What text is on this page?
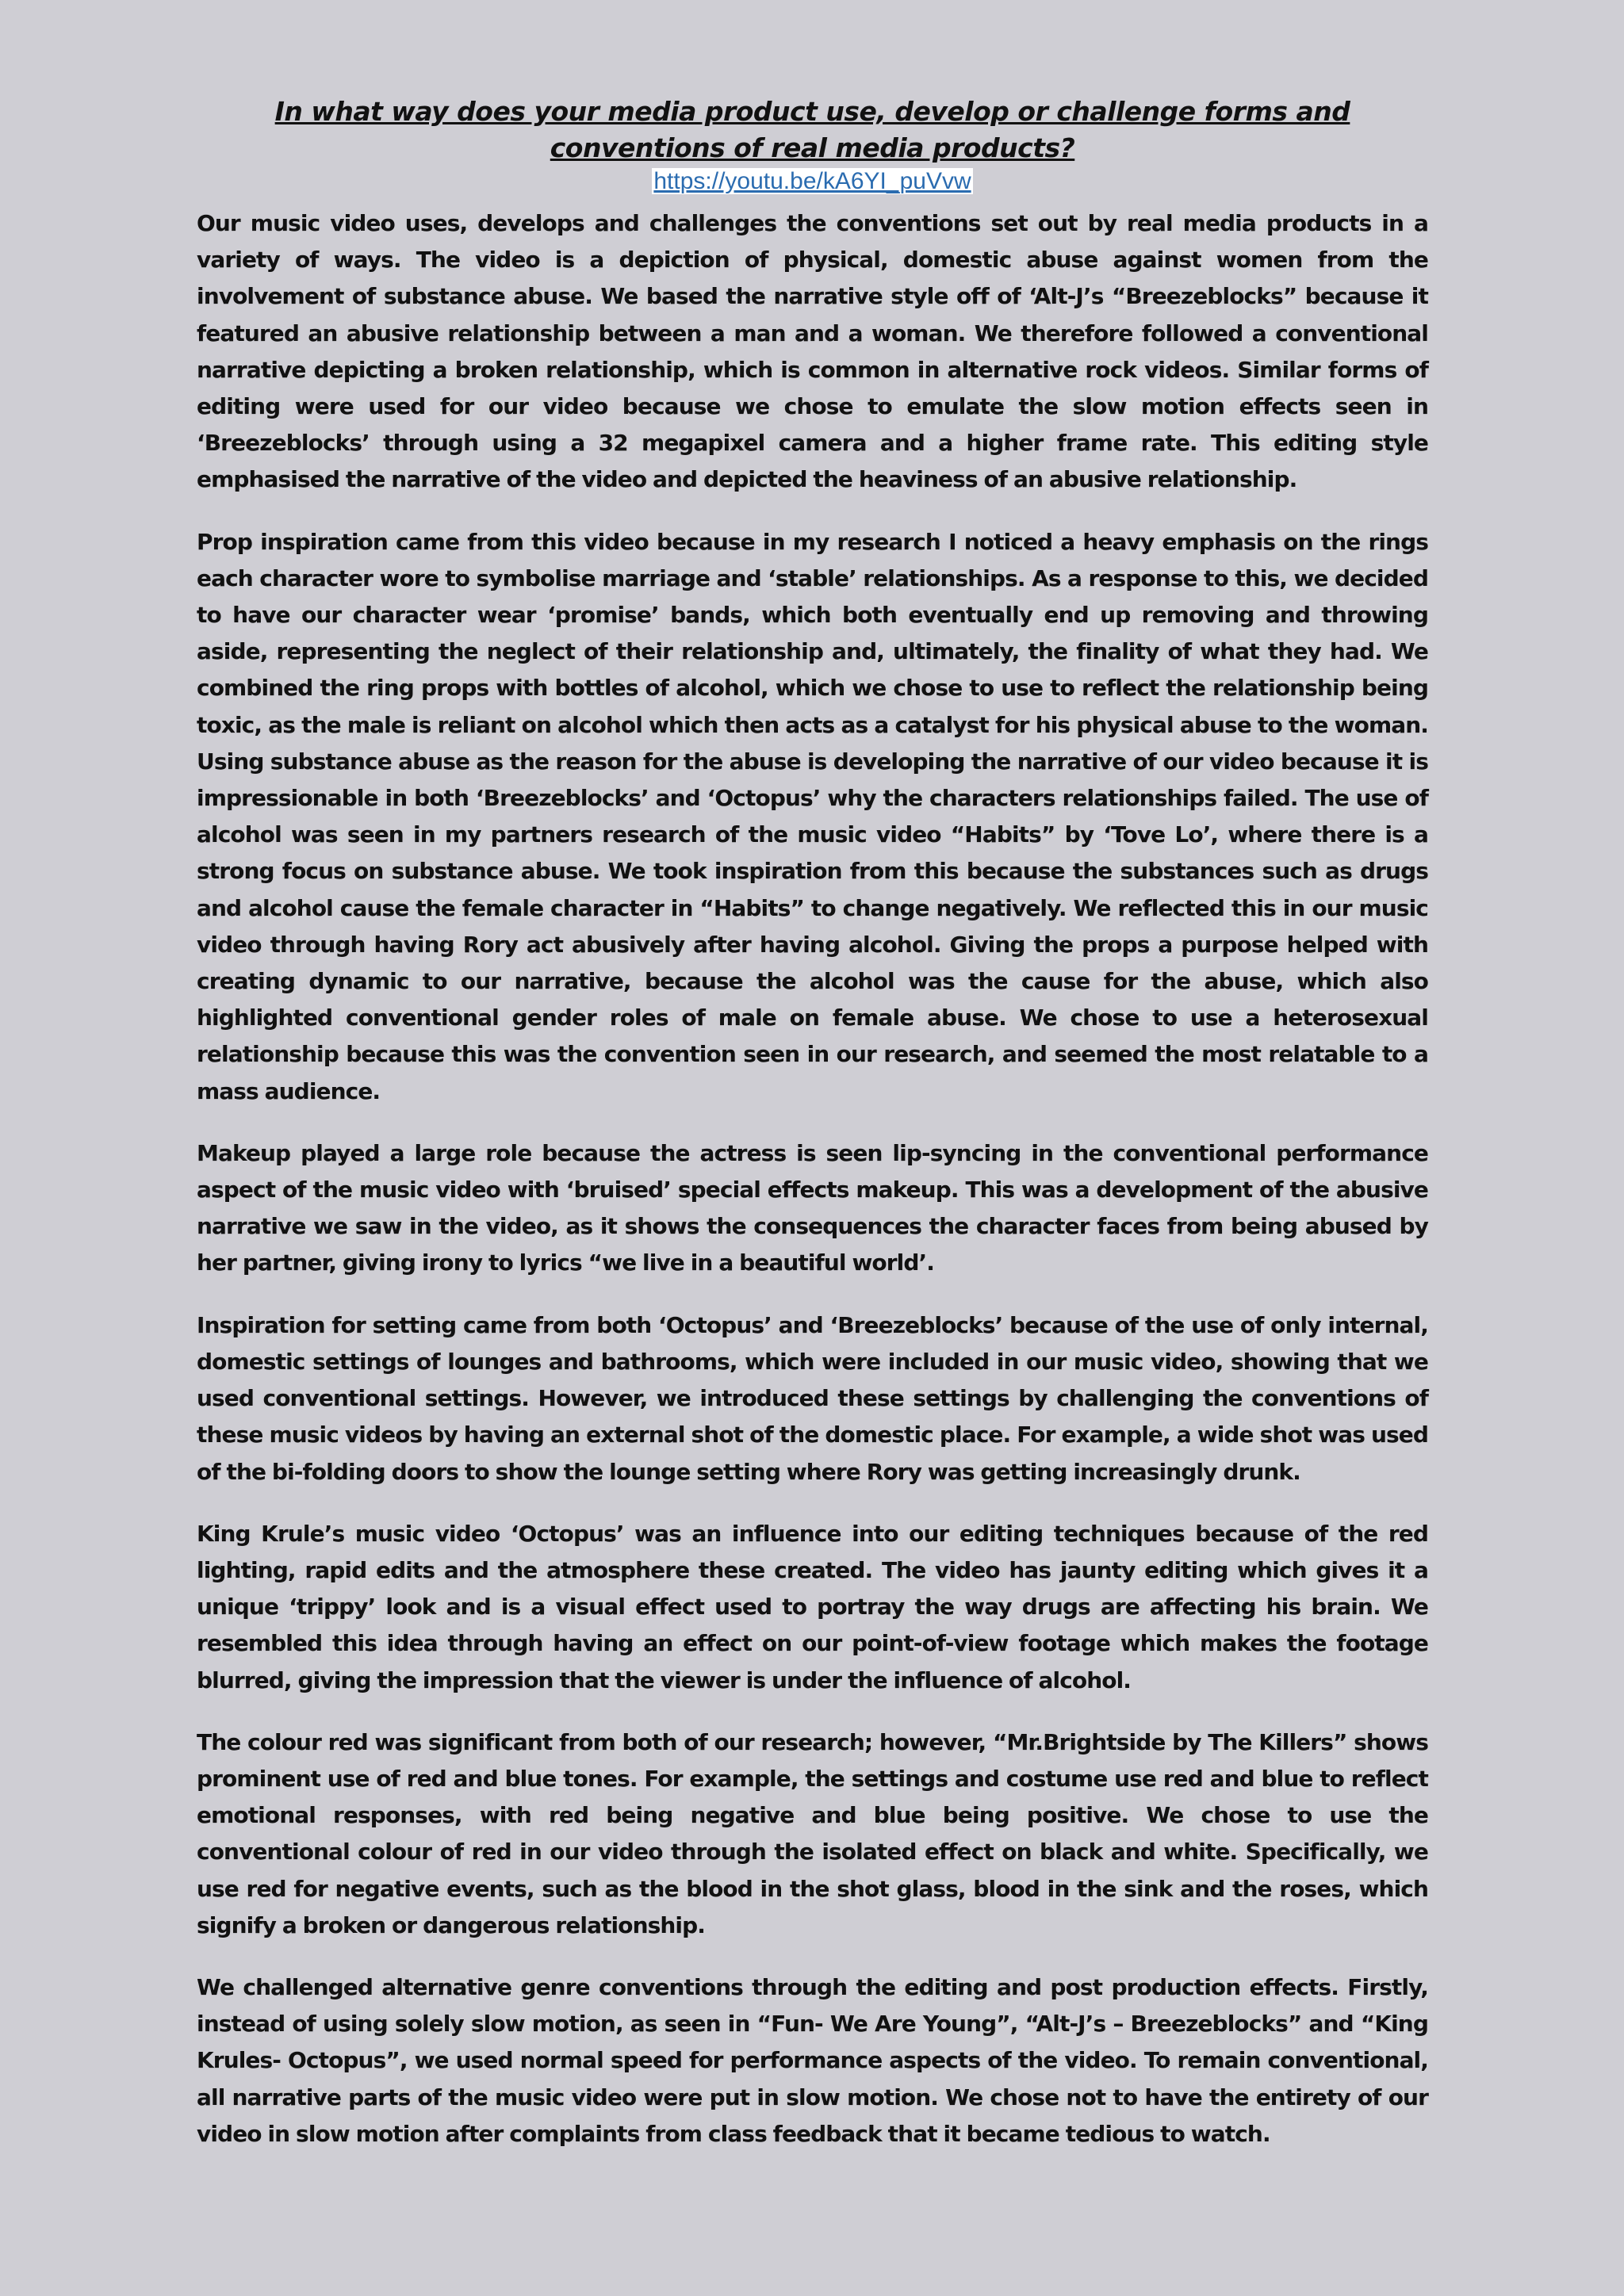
In what way does your media product use, develop or challenge forms and conventions of real media products?
https://youtu.be/kA6YI_puVvw

Our music video uses, develops and challenges the conventions set out by real media products in a variety of ways. The video is a depiction of physical, domestic abuse against women from the involvement of substance abuse. We based the narrative style off of ‘Alt-J’s “Breezeblocks” because it featured an abusive relationship between a man and a woman. We therefore followed a conventional narrative depicting a broken relationship, which is common in alternative rock videos. Similar forms of editing were used for our video because we chose to emulate the slow motion effects seen in ‘Breezeblocks’ through using a 32 megapixel camera and a higher frame rate. This editing style emphasised the narrative of the video and depicted the heaviness of an abusive relationship.

Prop inspiration came from this video because in my research I noticed a heavy emphasis on the rings each character wore to symbolise marriage and ‘stable’ relationships. As a response to this, we decided to have our character wear ‘promise’ bands, which both eventually end up removing and throwing aside, representing the neglect of their relationship and, ultimately, the finality of what they had. We combined the ring props with bottles of alcohol, which we chose to use to reflect the relationship being toxic, as the male is reliant on alcohol which then acts as a catalyst for his physical abuse to the woman. Using substance abuse as the reason for the abuse is developing the narrative of our video because it is impressionable in both ‘Breezeblocks’ and ‘Octopus’ why the characters relationships failed. The use of alcohol was seen in my partners research of the music video “Habits” by ‘Tove Lo’, where there is a strong focus on substance abuse. We took inspiration from this because the substances such as drugs and alcohol cause the female character in “Habits” to change negatively. We reflected this in our music video through having Rory act abusively after having alcohol. Giving the props a purpose helped with creating dynamic to our narrative, because the alcohol was the cause for the abuse, which also highlighted conventional gender roles of male on female abuse. We chose to use a heterosexual relationship because this was the convention seen in our research, and seemed the most relatable to a mass audience.

Makeup played a large role because the actress is seen lip-syncing in the conventional performance aspect of the music video with ‘bruised’ special effects makeup. This was a development of the abusive narrative we saw in the video, as it shows the consequences the character faces from being abused by her partner, giving irony to lyrics “we live in a beautiful world’.

Inspiration for setting came from both ‘Octopus’ and ‘Breezeblocks’ because of the use of only internal, domestic settings of lounges and bathrooms, which were included in our music video, showing that we used conventional settings. However, we introduced these settings by challenging the conventions of these music videos by having an external shot of the domestic place. For example, a wide shot was used of the bi-folding doors to show the lounge setting where Rory was getting increasingly drunk.

King Krule’s music video ‘Octopus’ was an influence into our editing techniques because of the red lighting, rapid edits and the atmosphere these created. The video has jaunty editing which gives it a unique ‘trippy’ look and is a visual effect used to portray the way drugs are affecting his brain. We resembled this idea through having an effect on our point-of-view footage which makes the footage blurred, giving the impression that the viewer is under the influence of alcohol.

The colour red was significant from both of our research; however, “Mr.Brightside by The Killers” shows prominent use of red and blue tones. For example, the settings and costume use red and blue to reflect emotional responses, with red being negative and blue being positive. We chose to use the conventional colour of red in our video through the isolated effect on black and white. Specifically, we use red for negative events, such as the blood in the shot glass, blood in the sink and the roses, which signify a broken or dangerous relationship.

We challenged alternative genre conventions through the editing and post production effects. Firstly, instead of using solely slow motion, as seen in “Fun- We Are Young”, “Alt-J’s – Breezeblocks” and “King Krules- Octopus”, we used normal speed for performance aspects of the video. To remain conventional, all narrative parts of the music video were put in slow motion. We chose not to have the entirety of our video in slow motion after complaints from class feedback that it became tedious to watch.
